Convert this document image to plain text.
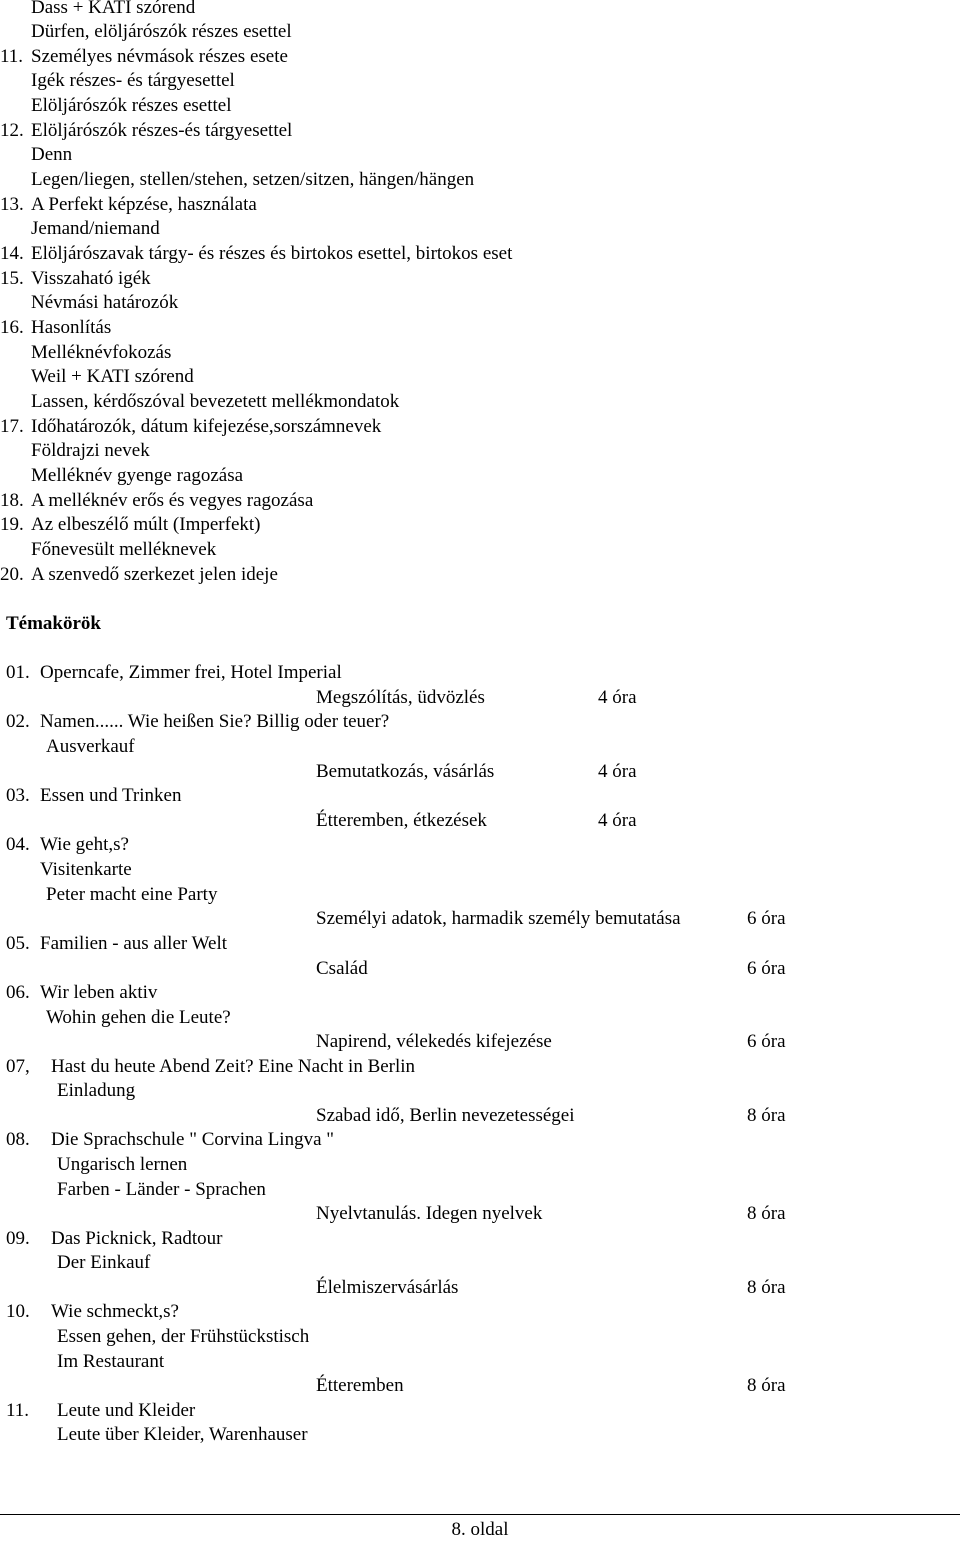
Dass + KATI szórend
Dürfen, elöljárószók részes esettel
11. Személyes névmások részes esete
Igék részes- és tárgyesettel
Elöljárószók részes esettel
12. Elöljárószók részes-és tárgyesettel
Denn
Legen/liegen, stellen/stehen, setzen/sitzen, hängen/hängen
13. A Perfekt képzése, használata
Jemand/niemand
14. Elöljárószavak tárgy- és részes és birtokos esettel, birtokos eset
15. Visszaható igék
Névmási határozók
16. Hasonlítás
Melléknévfokozás
Weil + KATI szórend
Lassen, kérdőszóval bevezetett mellékmondatok
17. Időhatározók, dátum kifejezése,sorszámnevek
Földrajzi nevek
Melléknév gyenge ragozása
18. A melléknév erős és vegyes ragozása
19. Az elbeszélő múlt (Imperfekt)
Főnevesült melléknevek
20. A szenvedő szerkezet jelen ideje
Témakörök
01. Operncafe, Zimmer frei, Hotel Imperial
Megszólítás, üdvözlés	4 óra
02. Namen...... Wie heißen Sie? Billig oder teuer?
Ausverkauf
Bemutatkozás, vásárlás	4 óra
03. Essen und Trinken
Étteremben, étkezések	4 óra
04. Wie geht,s?
Visitenkarte
Peter macht eine Party
Személyi adatok, harmadik személy bemutatása	6 óra
05. Familien - aus aller Welt
Család	6 óra
06. Wir leben aktiv
Wohin gehen die Leute?
Napirend, vélekedés kifejezése	6 óra
07, Hast du heute Abend Zeit? Eine Nacht in Berlin
Einladung
Szabad idő, Berlin nevezetességei	8 óra
08. Die Sprachschule " Corvina Lingva "
Ungarisch lernen
Farben - Länder - Sprachen
Nyelvtanulás. Idegen nyelvek	8 óra
09. Das Picknick, Radtour
Der Einkauf
Élelmiszervásárlás	8 óra
10. Wie schmeckt,s?
Essen gehen, der Frühstückstisch
Im Restaurant
Étteremben	8 óra
11. Leute und Kleider
Leute über Kleider, Warenhauser
8. oldal
